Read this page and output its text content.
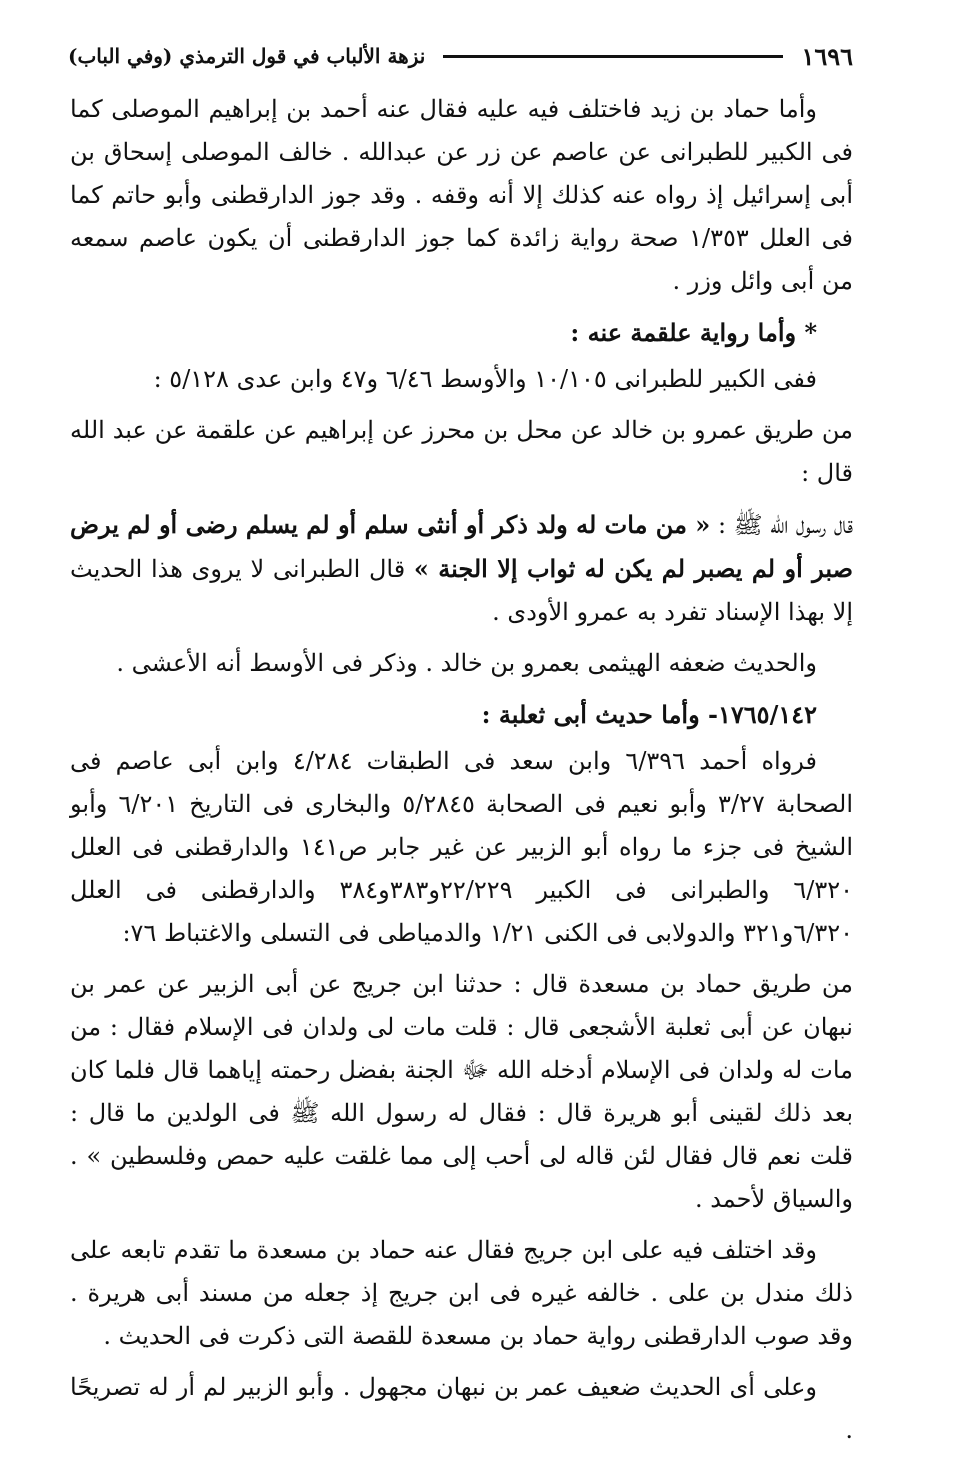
١٦٩٦
نزهة الألباب في قول الترمذي (وفي الباب)

وأما حماد بن زيد فاختلف فيه عليه فقال عنه أحمد بن إبراهيم الموصلى كما فى الكبير للطبرانى عن عاصم عن زر عن عبدالله . خالف الموصلى إسحاق بن أبى إسرائيل إذ رواه عنه كذلك إلا أنه وقفه . وقد جوز الدارقطنى وأبو حاتم كما فى العلل ١/٣٥٣ صحة رواية زائدة كما جوز الدارقطنى أن يكون عاصم سمعه من أبى وائل وزر .

* وأما رواية علقمة عنه :

ففى الكبير للطبرانى ١٠/١٠٥ والأوسط ٦/٤٦ و٤٧ وابن عدى ٥/١٢٨ :

من طريق عمرو بن خالد عن محل بن محرز عن إبراهيم عن علقمة عن عبد الله قال :

قال رسول الله ﷺ : « من مات له ولد ذكر أو أنثى سلم أو لم يسلم رضى أو لم يرض صبر أو لم يصبر لم يكن له ثواب إلا الجنة » قال الطبرانى لا يروى هذا الحديث إلا بهذا الإسناد تفرد به عمرو الأودى .

والحديث ضعفه الهيثمى بعمرو بن خالد . وذكر فى الأوسط أنه الأعشى .

١٧٦٥/١٤٢- وأما حديث أبى ثعلبة :

فرواه أحمد ٦/٣٩٦ وابن سعد فى الطبقات ٤/٢٨٤ وابن أبى عاصم فى الصحابة ٣/٢٧ وأبو نعيم فى الصحابة ٥/٢٨٤٥ والبخارى فى التاريخ ٦/٢٠١ وأبو الشيخ فى جزء ما رواه أبو الزبير عن غير جابر ص١٤١ والدارقطنى فى العلل ٦/٣٢٠ والطبرانى فى الكبير ٢٢/٢٢٩و٣٨٣و٣٨٤ والدارقطنى فى العلل ٦/٣٢٠و٣٢١ والدولابى فى الكنى ١/٢١ والدمياطى فى التسلى والاغتباط ٧٦:

من طريق حماد بن مسعدة قال : حدثنا ابن جريج عن أبى الزبير عن عمر بن نبهان عن أبى ثعلبة الأشجعى قال : قلت مات لى ولدان فى الإسلام فقال : من مات له ولدان فى الإسلام أدخله الله ﷻ الجنة بفضل رحمته إياهما قال فلما كان بعد ذلك لقينى أبو هريرة قال : فقال له رسول الله ﷺ فى الولدين ما قال : قلت نعم قال فقال لئن قاله لى أحب إلى مما غلقت عليه حمص وفلسطين » . والسياق لأحمد .

وقد اختلف فيه على ابن جريج فقال عنه حماد بن مسعدة ما تقدم تابعه على ذلك مندل بن على . خالفه غيره فى ابن جريج إذ جعله من مسند أبى هريرة . وقد صوب الدارقطنى رواية حماد بن مسعدة للقصة التى ذكرت فى الحديث .

وعلى أى الحديث ضعيف عمر بن نبهان مجهول . وأبو الزبير لم أر له تصريحًا .
